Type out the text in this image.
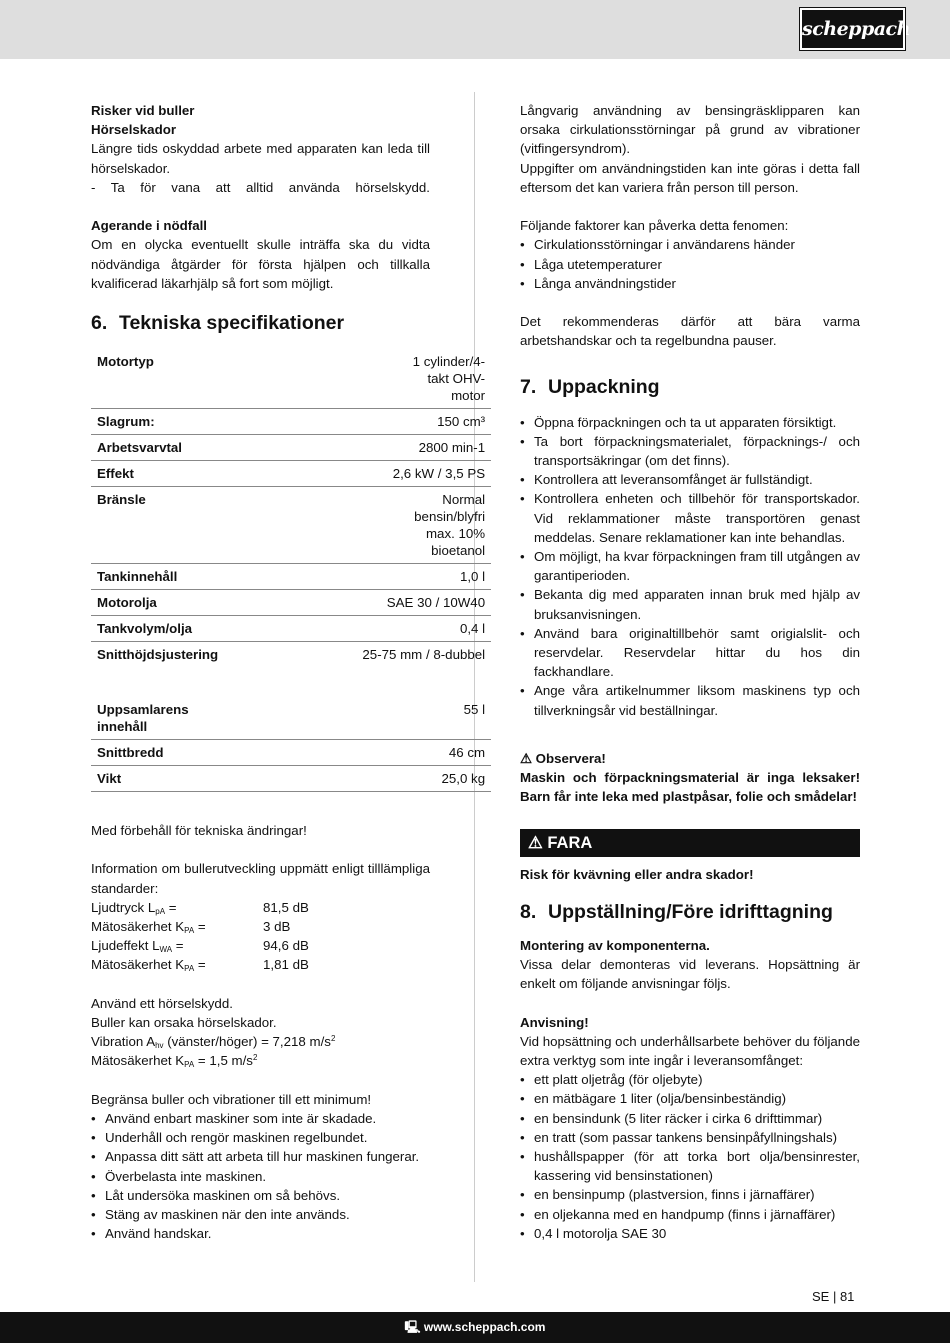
scheppach
Risker vid buller
Hörselskador

Längre tids oskyddad arbete med apparaten kan leda till hörselskador.

- Ta för vana att alltid använda hörselskydd.

Agerande i nödfall

Om en olycka eventuellt skulle inträffa ska du vidta nödvändiga åtgärder för första hjälpen och tillkalla kvalificerad läkarhjälp så fort som möjligt.

6. Tekniska specifikationer
Motortyp	1 cylinder/4-takt OHV-motor
Slagrum:	150 cm³
Arbetsvarvtal	2800 min-1
Effekt	2,6 kW / 3,5 PS
Bränsle	Normal bensin/blyfri max. 10% bioetanol
Tankinnehåll	1,0 l
Motorolja	SAE 30 / 10W40
Tankvolym/olja	0,4 l
Snitthöjdsjustering	25-75 mm / 8-dubbel

Uppsamlarens innehåll	55 l
Snittbredd	46 cm
Vikt	25,0 kg

Med förbehåll för tekniska ändringar!

Information om bullerutveckling uppmätt enligt tilllämpliga standarder:

Ljudtryck $L_{pA}$ =	81,5 dB
Mätosäkerhet $K_{PA}$ =	3 dB
Ljudeffekt $L_{WA}$ =	94,6 dB
Mätosäkerhet $K_{PA}$ =	1,81 dB

Använd ett hörselskydd.

Buller kan orsaka hörselskador.

Vibration $A_{hv}$ (vänster/höger) = 7,218 $m/s^2$

Mätosäkerhet $K_{PA} = 1,5$ $m/s^2$

Begränsa buller och vibrationer till ett minimum!

• Använd enbart maskiner som inte är skadade.
• Underhåll och rengör maskinen regelbundet.
• Anpassa ditt sätt att arbeta till hur maskinen fungerar.
• Överbelasta inte maskinen.
• Låt undersöka maskinen om så behövs.
• Stäng av maskinen när den inte används.
• Använd handskar.

Långvarig användning av bensingräsklipparen kan orsaka cirkulationsstörningar på grund av vibrationer (vitfingersyndrom).

Uppgifter om användningstiden kan inte göras i detta fall eftersom det kan variera från person till person.

Följande faktorer kan påverka detta fenomen:

• Cirkulationsstörningar i användarens händer
• Låga utetemperaturer
• Långa användningstider

Det rekommenderas därför att bära varma arbetshandskar och ta regelbundna pauser.

7. Uppackning
• Öppna förpackningen och ta ut apparaten försiktigt.
• Ta bort förpackningsmaterialet, förpacknings-/ och transportsäkringar (om det finns).
• Kontrollera att leveransomfånget är fullständigt.
• Kontrollera enheten och tillbehör för transportskador. Vid reklammationer måste transportören genast meddelas. Senare reklamationer kan inte behandlas.
• Om möjligt, ha kvar förpackningen fram till utgången av garantiperioden.
• Bekanta dig med apparaten innan bruk med hjälp av bruksanvisningen.
• Använd bara originaltillbehör samt origialslit- och reservdelar. Reservdelar hittar du hos din fackhandlare.
• Ange våra artikelnummer liksom maskinens typ och tillverkningsår vid beställningar.
⚠ Observera!

Maskin och förpackningsmaterial är inga leksaker! Barn får inte leka med plastpåsar, folie och smådelar!

⚠ FARA

Risk för kvävning eller andra skador!

8. Uppställning/Före idrifttagning
Montering av komponenterna.

Vissa delar demonteras vid leverans. Hopsättning är enkelt om följande anvisningar följs.

Anvisning!

Vid hopsättning och underhållsarbete behöver du följande extra verktyg som inte ingår i leveransomfånget:

• ett platt oljetråg (för oljebyte)
• en mätbägare 1 liter (olja/bensinbeständig)
• en bensindunk (5 liter räcker i cirka 6 drifttimmar)
• en tratt (som passar tankens bensinpåfyllningshals)
• hushållspapper (för att torka bort olja/bensinrester, kassering vid bensinstationen)
• en bensinpump (plastversion, finns i järnaffärer)
• en oljekanna med en handpump (finns i järnaffärer)
• 0,4 l motorolja SAE 30
SE | 81
🖳 www.scheppach.com
